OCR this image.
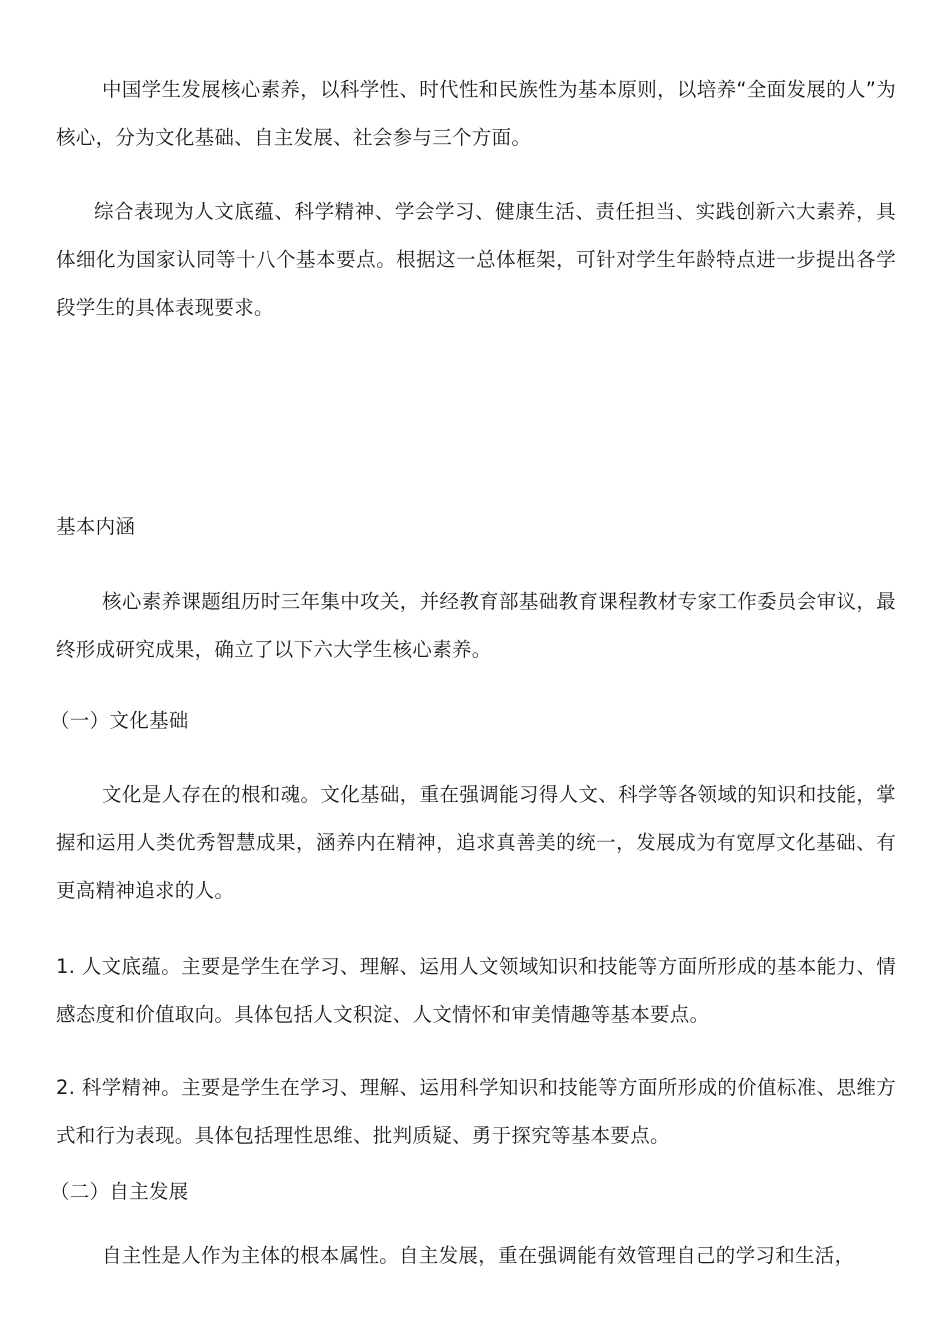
中国学生发展核心素养，以科学性、时代性和民族性为基本原则，以培养“全面发展的人”为核心，分为文化基础、自主发展、社会参与三个方面。

综合表现为人文底蕴、科学精神、学会学习、健康生活、责任担当、实践创新六大素养，具体细化为国家认同等十八个基本要点。根据这一总体框架，可针对学生年龄特点进一步提出各学段学生的具体表现要求。

基本内涵

核心素养课题组历时三年集中攻关，并经教育部基础教育课程教材专家工作委员会审议，最终形成研究成果，确立了以下六大学生核心素养。

（一）文化基础

文化是人存在的根和魂。文化基础，重在强调能习得人文、科学等各领域的知识和技能，掌握和运用人类优秀智慧成果，涵养内在精神，追求真善美的统一，发展成为有宽厚文化基础、有更高精神追求的人。

1. 人文底蕴。主要是学生在学习、理解、运用人文领域知识和技能等方面所形成的基本能力、情感态度和价值取向。具体包括人文积淀、人文情怀和审美情趣等基本要点。

2. 科学精神。主要是学生在学习、理解、运用科学知识和技能等方面所形成的价值标准、思维方式和行为表现。具体包括理性思维、批判质疑、勇于探究等基本要点。

（二）自主发展

自主性是人作为主体的根本属性。自主发展，重在强调能有效管理自己的学习和生活，
